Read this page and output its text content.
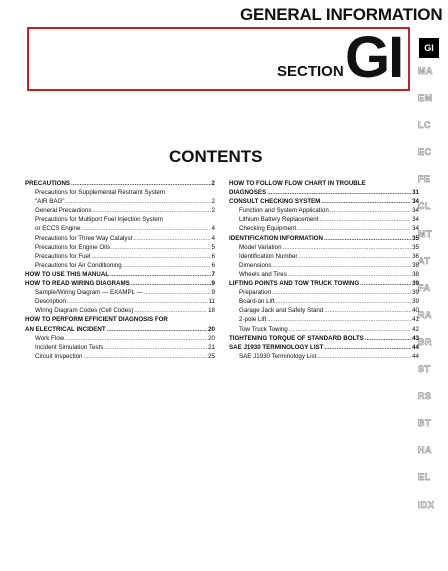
GENERAL INFORMATION
SECTION GI	GI
MA
EM
LC
EC
FE
CL
MT
AT
FA
RA
BR
ST
RS
BT
HA
EL
IDX
CONTENTS
PRECAUTIONS .....	2
Precautions for Supplemental Restraint System
"AIR BAG" .....	2
General Precautions .....	2
Precautions for Multiport Fuel Injection System
or ECCS Engine .....	4
Precautions for Three Way Catalyst .....	4
Precautions for Engine Oils .....	5
Precautions for Fuel .....	6
Precautions for Air Conditioning .....	6
HOW TO USE THIS MANUAL .....	7
HOW TO READ WIRING DIAGRAMS .....	9
Sample/Wiring Diagram — EXAMPL — .....	9
Description .....	11
Wiring Diagram Codes (Cell Codes) .....	18
HOW TO PERFORM EFFICIENT DIAGNOSIS FOR
AN ELECTRICAL INCIDENT .....	20
Work Flow .....	20
Incident Simulation Tests .....	21
Circuit Inspection .....	25
HOW TO FOLLOW FLOW CHART IN TROUBLE
DIAGNOSES .....	31
CONSULT CHECKING SYSTEM .....	34
Function and System Application .....	34
Lithium Battery Replacement .....	34
Checking Equipment .....	34
IDENTIFICATION INFORMATION .....	35
Model Variation .....	35
Identification Number .....	36
Dimensions .....	38
Wheels and Tires .....	38
LIFTING POINTS AND TOW TRUCK TOWING .....	39
Preparation .....	39
Board-on Lift .....	39
Garage Jack and Safety Stand .....	40
2-pole Lift .....	41
Tow Truck Towing .....	42
TIGHTENING TORQUE OF STANDARD BOLTS .....	43
SAE J1930 TERMINOLOGY LIST .....	44
SAE J1930 Terminology List .....	44
